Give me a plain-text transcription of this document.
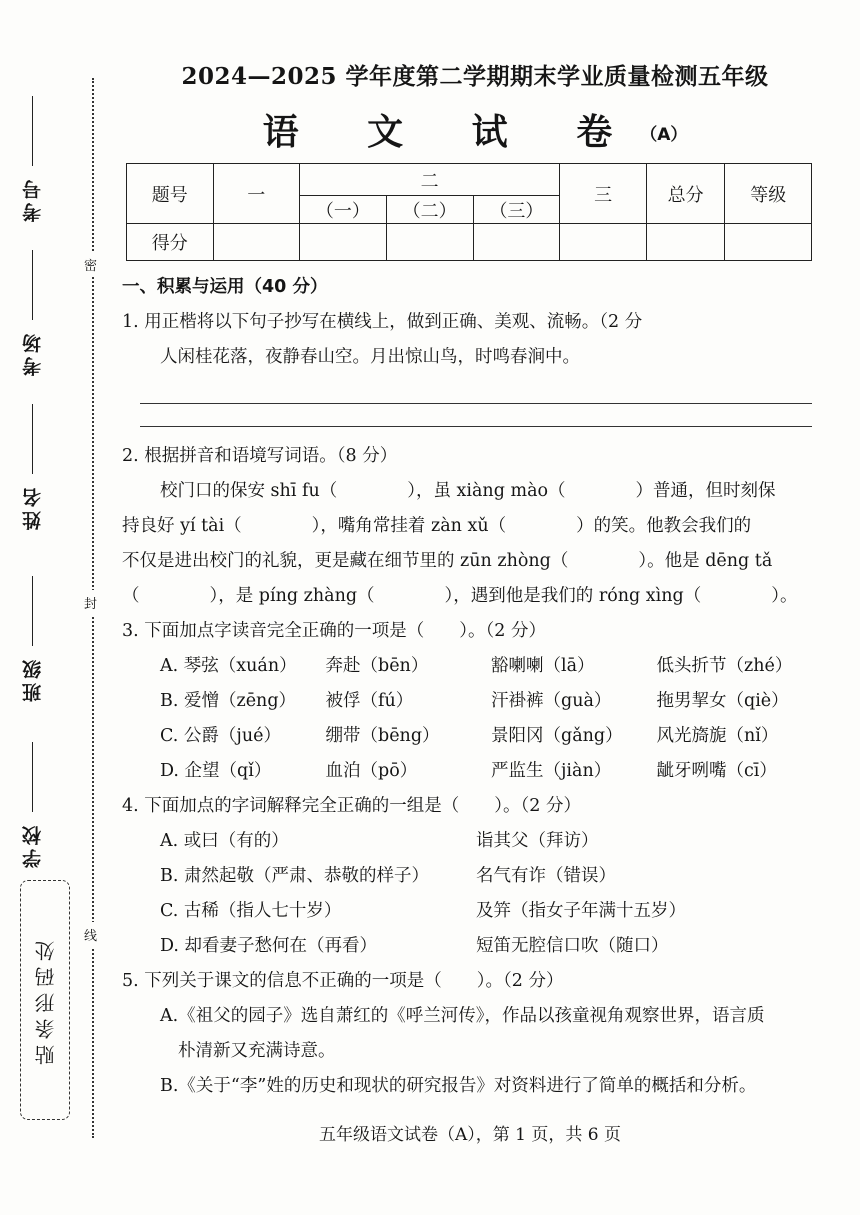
考号
考场
姓名
班级
学校
密
封
线
贴条形码处
2024—2025 学年度第二学期期末学业质量检测五年级
语 文 试 卷（A）
题号	一	二			三	总分	等级
		（一）	（二）	（三）			
得分							
一、积累与运用（40 分）
1. 用正楷将以下句子抄写在横线上，做到正确、美观、流畅。（2 分
人闲桂花落，夜静春山空。月出惊山鸟，时鸣春涧中。
2. 根据拼音和语境写词语。（8 分）
校门口的保安 shī fu（　　　　），虽 xiàng mào（　　　　）普通，但时刻保
持良好 yí tài（　　　　），嘴角常挂着 zàn xǔ（　　　　）的笑。他教会我们的
不仅是进出校门的礼貌，更是藏在细节里的 zūn zhòng（　　　　）。他是 dēng tǎ
（　　　　），是 píng zhàng（　　　　），遇到他是我们的 róng xìng（　　　　）。
3. 下面加点字读音完全正确的一项是（　　）。（2 分）
A. 琴弦（xuán）	奔赴（bēn）	豁喇喇（lā）	低头折节（zhé）
B. 爱憎（zēng）	被俘（fú）	汗褂裤（guà）	拖男挈女（qiè）
C. 公爵（jué）	绷带（bēng）	景阳冈（gǎng）	风光旖旎（nǐ）
D. 企望（qǐ）	血泊（pō）	严监生（jiàn）	龇牙咧嘴（cī）
4. 下面加点的字词解释完全正确的一组是（　　）。（2 分）
A. 或曰（有的）	诣其父（拜访）
B. 肃然起敬（严肃、恭敬的样子）	名气有诈（错误）
C. 古稀（指人七十岁）	及笄（指女子年满十五岁）
D. 却看妻子愁何在（再看）	短笛无腔信口吹（随口）
5. 下列关于课文的信息不正确的一项是（　　）。（2 分）
A.《祖父的园子》选自萧红的《呼兰河传》，作品以孩童视角观察世界，语言质
朴清新又充满诗意。
B.《关于“李”姓的历史和现状的研究报告》对资料进行了简单的概括和分析。
五年级语文试卷（A），第 1 页，共 6 页
